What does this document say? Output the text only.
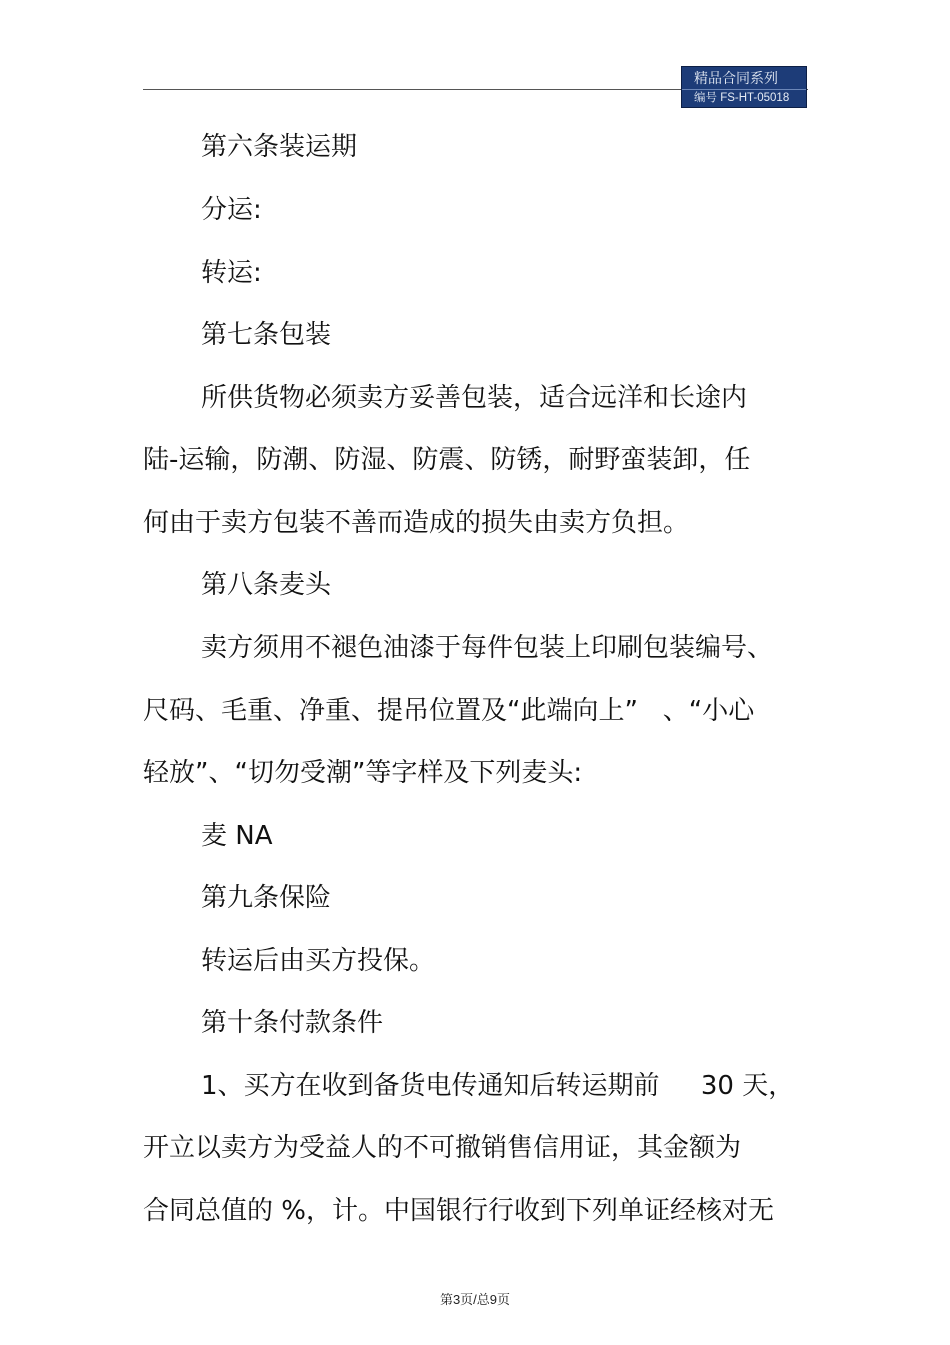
精品合同系列
编号 FS-HT-05018
第六条装运期
分运:
转运:
第七条包装
所供货物必须卖方妥善包装，适合远洋和长途内
陆-运输，防潮、防湿、防震、防锈，耐野蛮装卸，任
何由于卖方包装不善而造成的损失由卖方负担。
第八条麦头
卖方须用不褪色油漆于每件包装上印刷包装编号、
尺码、毛重、净重、提吊位置及“此端向上”   、“小心
轻放”、“切勿受潮”等字样及下列麦头:
麦 NA
第九条保险
转运后由买方投保。
第十条付款条件
1、买方在收到备货电传通知后转运期前     30 天，
开立以卖方为受益人的不可撤销售信用证，其金额为
合同总值的 %，计。中国银行行收到下列单证经核对无
第3页/总9页
